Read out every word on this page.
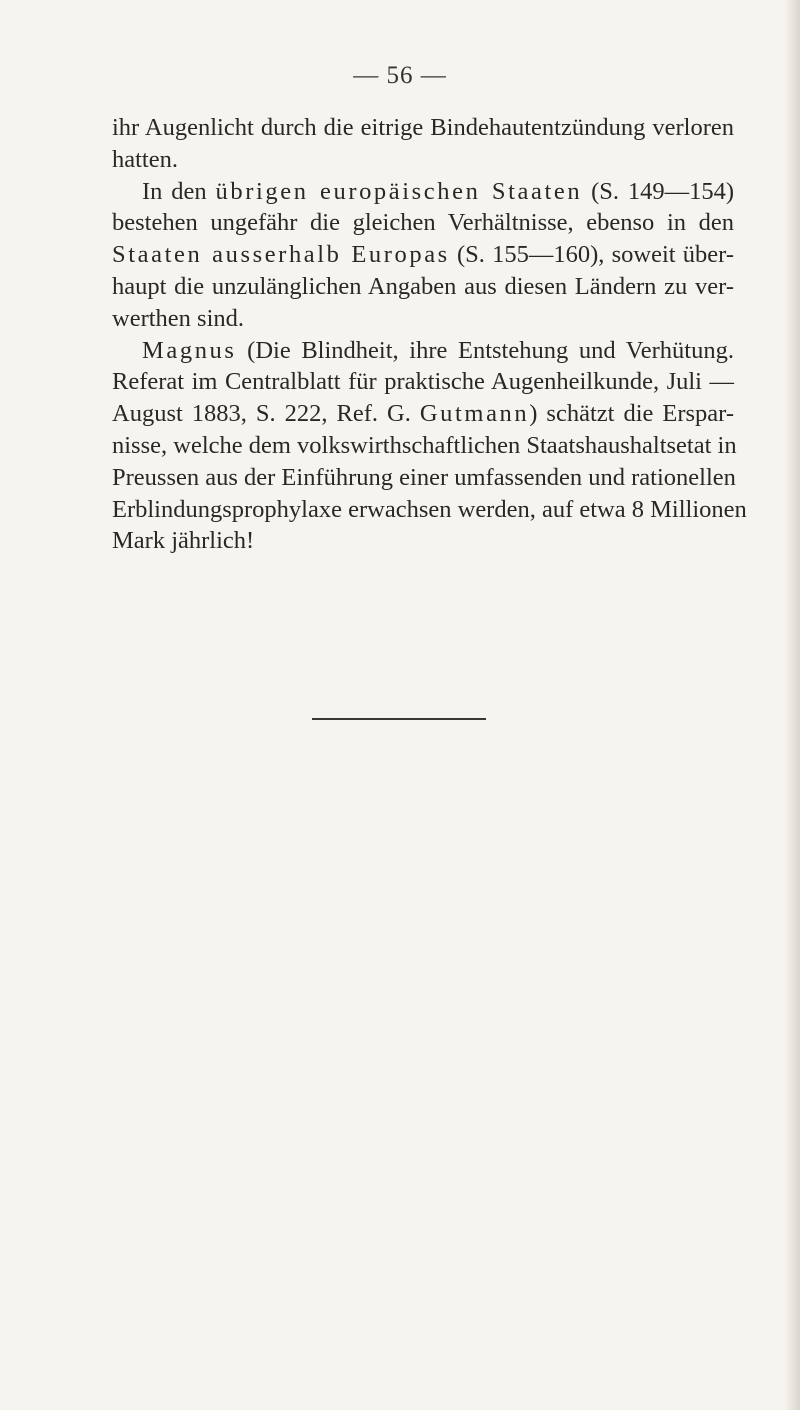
— 56 —

ihr Augenlicht durch die eitrige Bindehautentzündung verloren
hatten.

In den übrigen europäischen Staaten (S. 149—154)
bestehen ungefähr die gleichen Verhältnisse, ebenso in den
Staaten ausserhalb Europas (S. 155—160), soweit über-
haupt die unzulänglichen Angaben aus diesen Ländern zu ver-
werthen sind.

Magnus (Die Blindheit, ihre Entstehung und Verhütung.
Referat im Centralblatt für praktische Augenheilkunde, Juli —
August 1883, S. 222, Ref. G. Gutmann) schätzt die Erspar-
nisse, welche dem volkswirthschaftlichen Staatshaushaltsetat in
Preussen aus der Einführung einer umfassenden und rationellen
Erblindungsprophylaxe erwachsen werden, auf etwa 8 Millionen
Mark jährlich!
